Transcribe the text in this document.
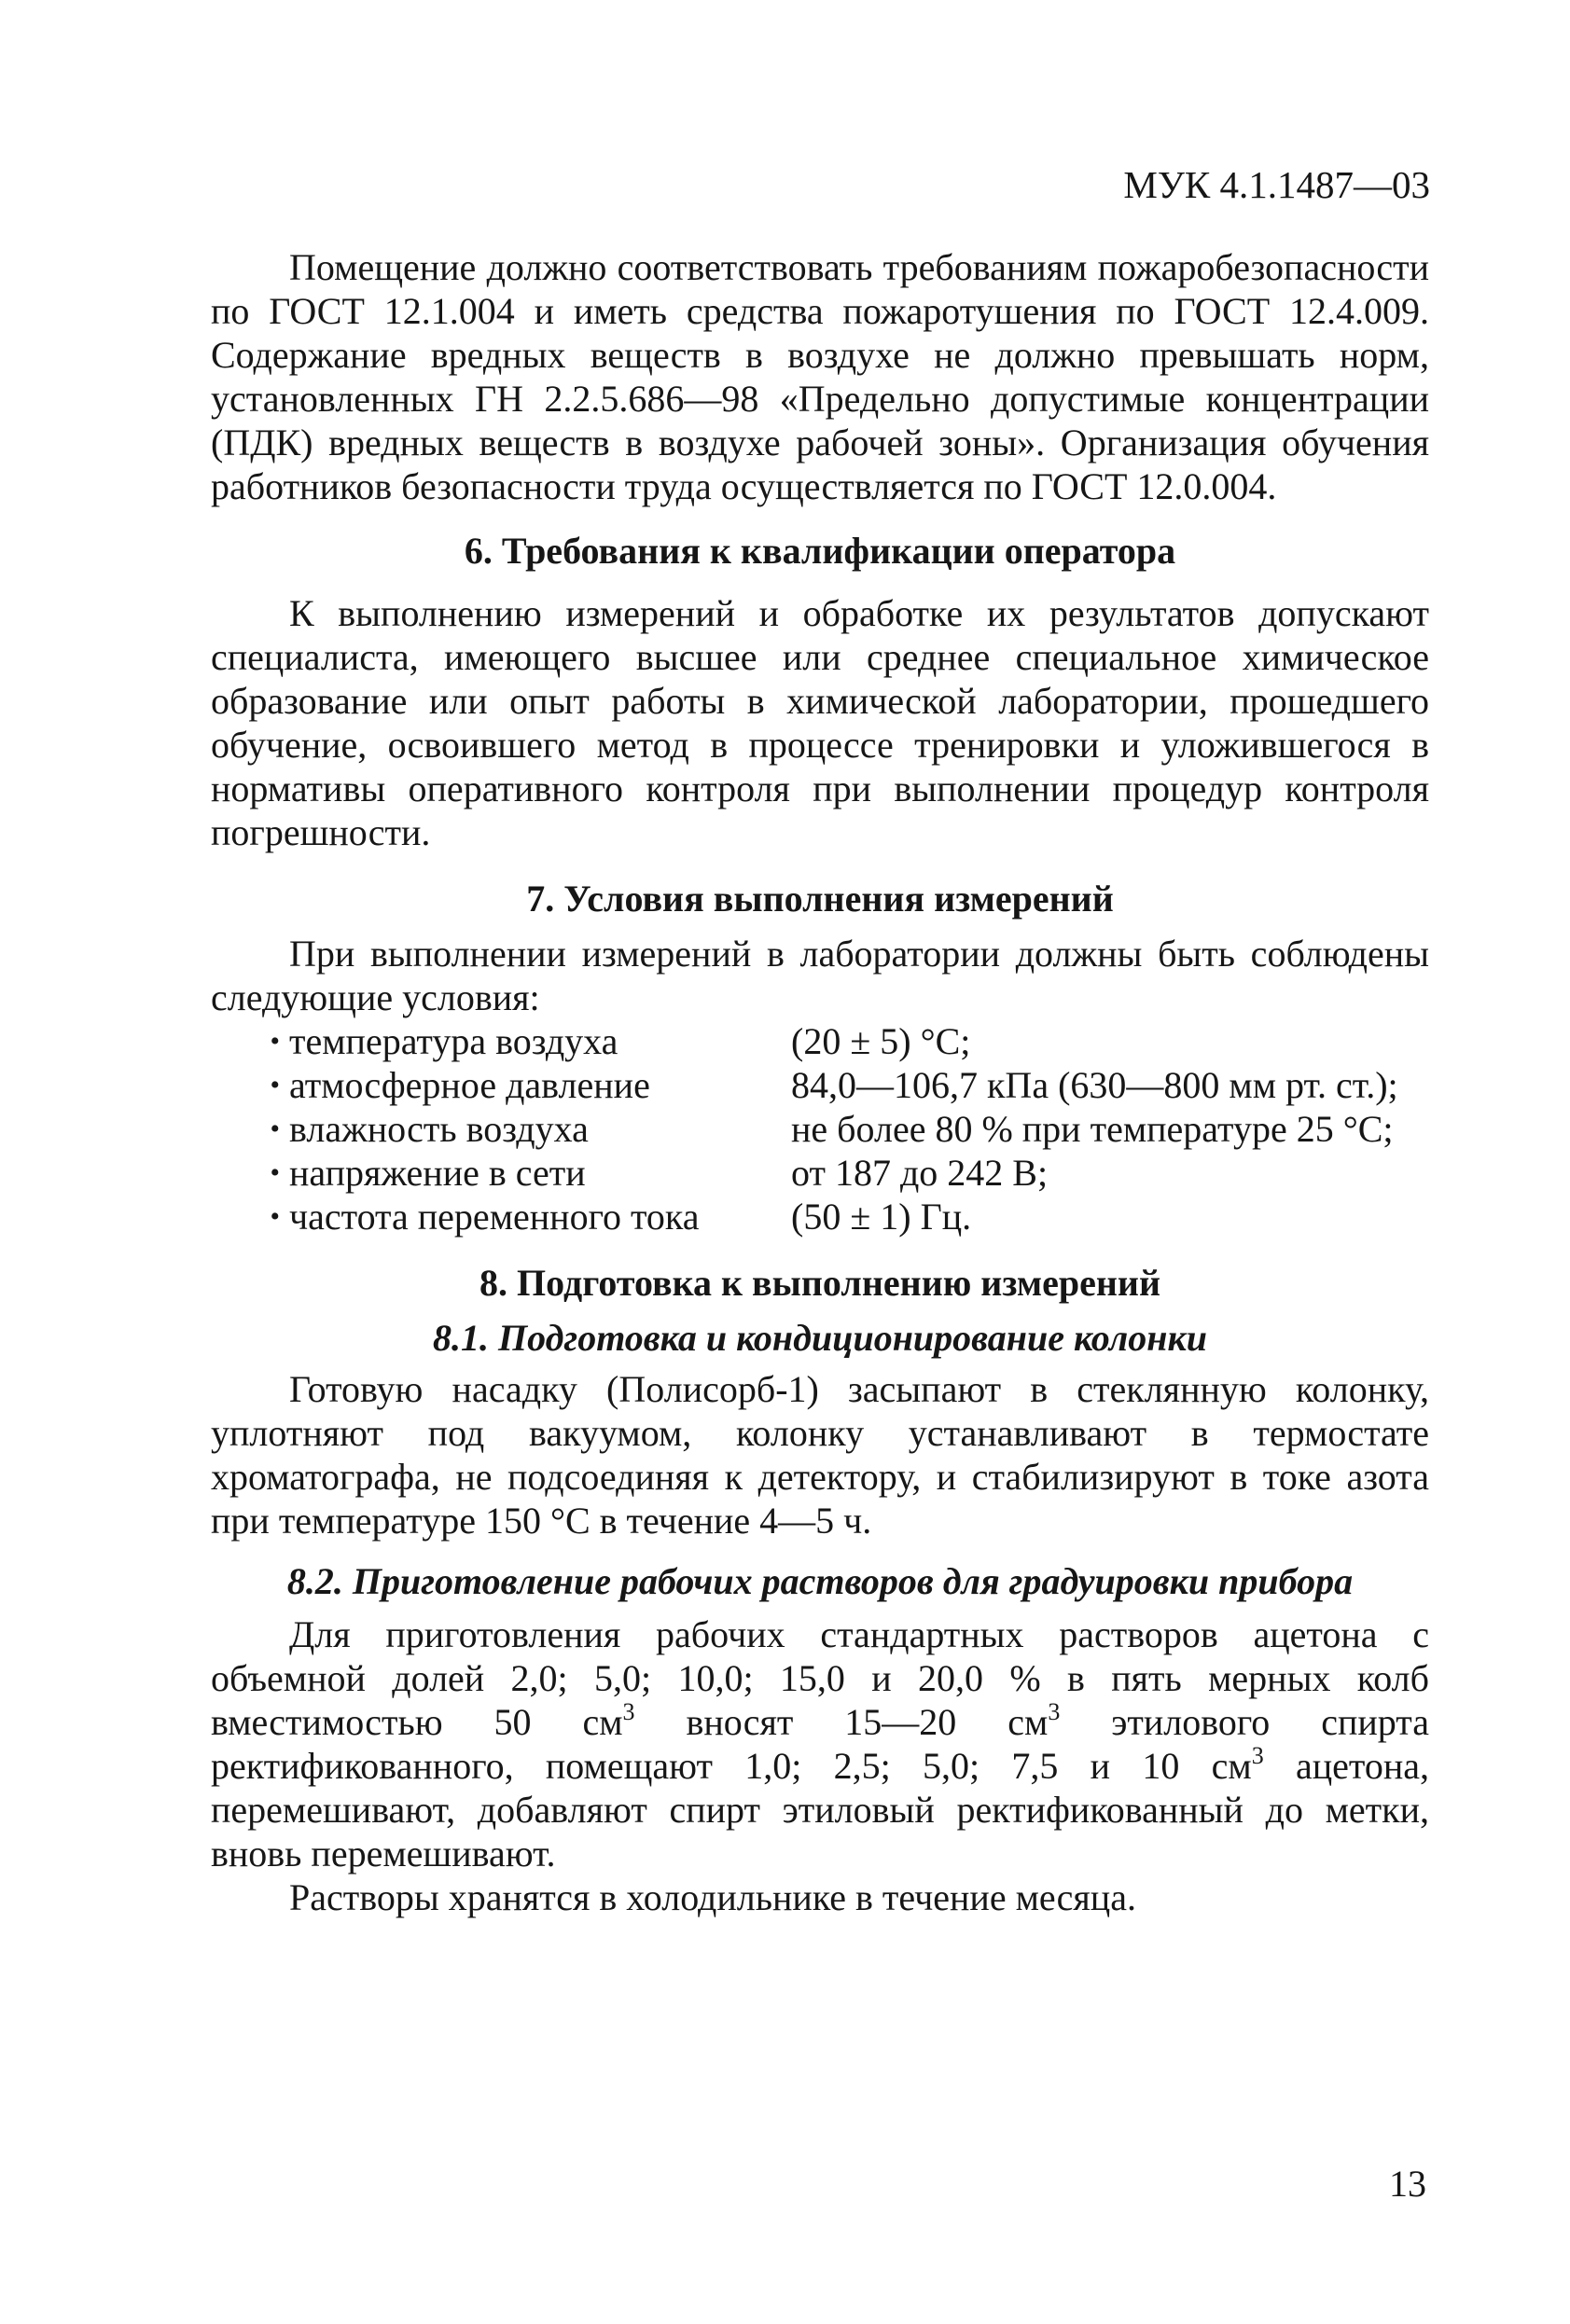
МУК 4.1.1487—03

Помещение должно соответствовать требованиям пожаробезопасности по ГОСТ 12.1.004 и иметь средства пожаротушения по ГОСТ 12.4.009. Содержание вредных веществ в воздухе не должно превышать норм, установленных ГН 2.2.5.686—98 «Предельно допустимые концентрации (ПДК) вредных веществ в воздухе рабочей зоны». Организация обучения работников безопасности труда осуществляется по ГОСТ 12.0.004.

6. Требования к квалификации оператора

К выполнению измерений и обработке их результатов допускают специалиста, имеющего высшее или среднее специальное химическое образование или опыт работы в химической лаборатории, прошедшего обучение, освоившего метод в процессе тренировки и уложившегося в нормативы оперативного контроля при выполнении процедур контроля погрешности.

7. Условия выполнения измерений

При выполнении измерений в лаборатории должны быть соблюдены следующие условия:

• температура воздуха	(20 ± 5) °С;
• атмосферное давление	84,0—106,7 кПа (630—800 мм рт. ст.);
• влажность воздуха	не более 80 % при температуре 25 °С;
• напряжение в сети	от 187 до 242 В;
• частота переменного тока	(50 ± 1) Гц.
8. Подготовка к выполнению измерений
8.1. Подготовка и кондиционирование колонки

Готовую насадку (Полисорб-1) засыпают в стеклянную колонку, уплотняют под вакуумом, колонку устанавливают в термостате хроматографа, не подсоединяя к детектору, и стабилизируют в токе азота при температуре 150 °С в течение 4—5 ч.

8.2. Приготовление рабочих растворов для градуировки прибора

Для приготовления рабочих стандартных растворов ацетона с объемной долей 2,0; 5,0; 10,0; 15,0 и 20,0 % в пять мерных колб вместимостью 50 $см^3$ вносят 15—20 $см^3$ этилового спирта ректификованного, помещают 1,0; 2,5; 5,0; 7,5 и 10 $см^3$ ацетона, перемешивают, добавляют спирт этиловый ректификованный до метки, вновь перемешивают.

Растворы хранятся в холодильнике в течение месяца.

13
